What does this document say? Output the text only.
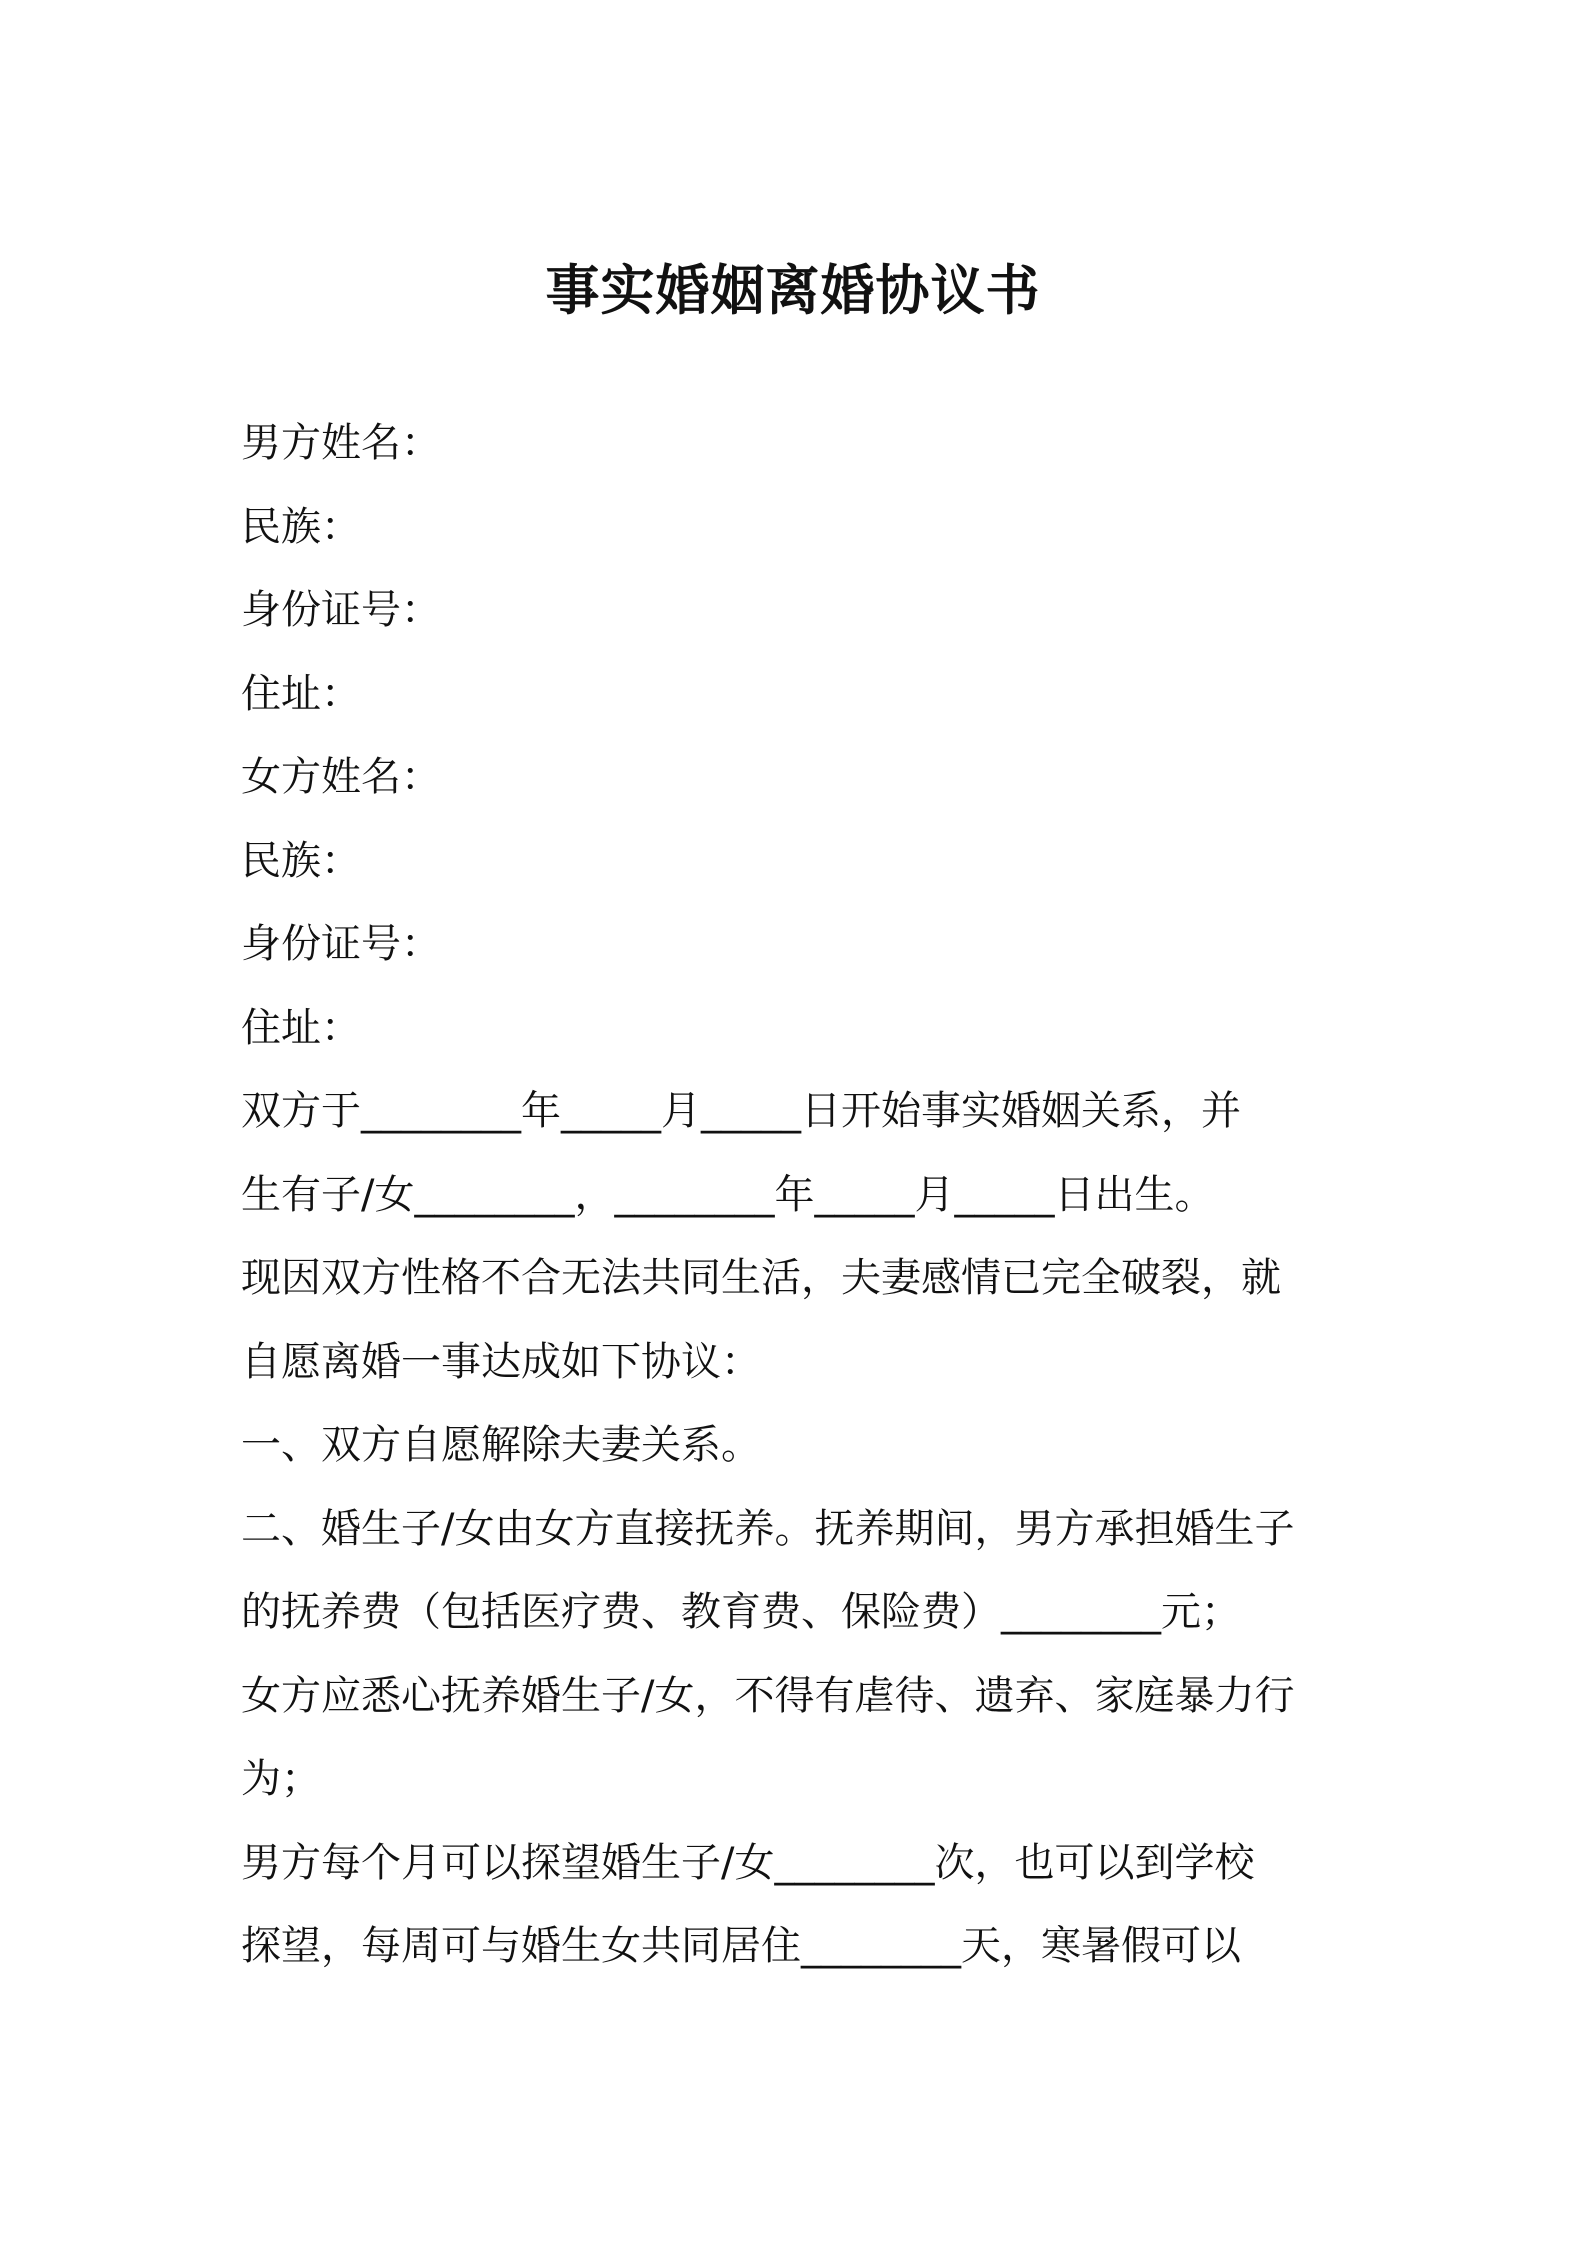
事实婚姻离婚协议书
男方姓名：
民族：
身份证号：
住址：
女方姓名：
民族：
身份证号：
住址：
双方于________年_____月_____日开始事实婚姻关系，并
生有子/女________，________年_____月_____日出生。
现因双方性格不合无法共同生活，夫妻感情已完全破裂，就
自愿离婚一事达成如下协议：
一、双方自愿解除夫妻关系。
二、婚生子/女由女方直接抚养。抚养期间，男方承担婚生子
的抚养费（包括医疗费、教育费、保险费）________元；
女方应悉心抚养婚生子/女，不得有虐待、遗弃、家庭暴力行
为；
男方每个月可以探望婚生子/女________次，也可以到学校
探望，每周可与婚生女共同居住________天，寒暑假可以
